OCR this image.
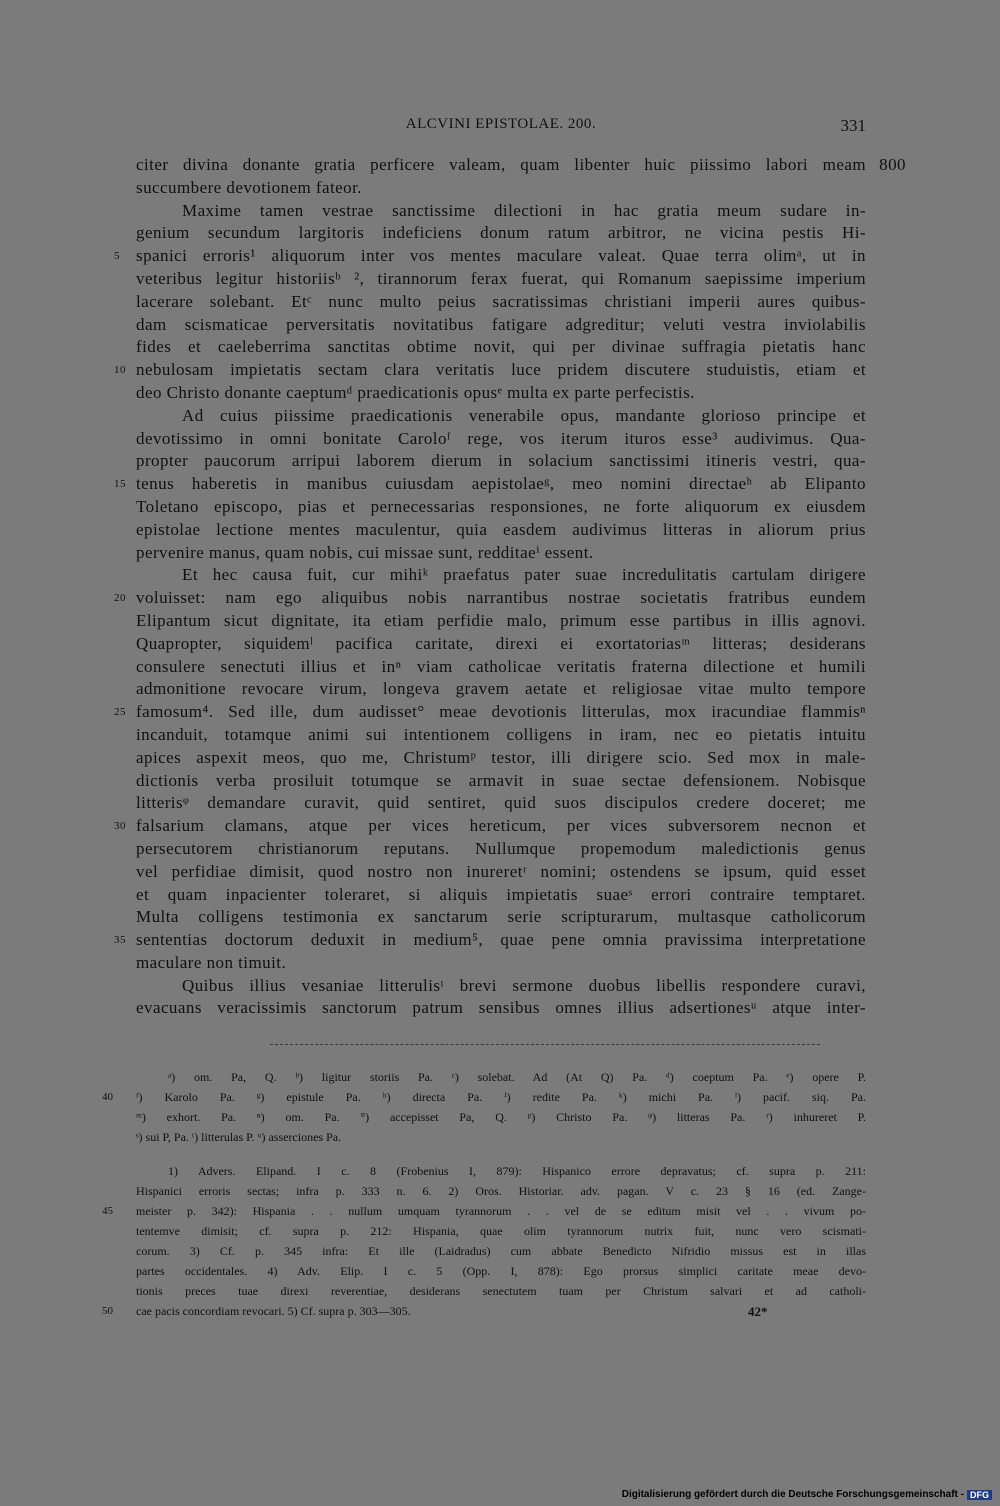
ALCVINI EPISTOLAE. 200.	331
citer divina donante gratia perficere valeam, quam libenter huic piissimo labori meam 800
succumbere devotionem fateor.
Maxime tamen vestrae sanctissime dilectioni in hac gratia meum sudare in-
genium secundum largitoris indeficiens donum ratum arbitror, ne vicina pestis Hi-
spanici erroris¹ aliquorum inter vos mentes maculare valeat. Quae terra olimᵃ, ut in
5
veteribus legitur historiisᵇ ², tirannorum ferax fuerat, qui Romanum saepissime imperium
lacerare solebant. Etᶜ nunc multo peius sacratissimas christiani imperii aures quibus-
dam scismaticae perversitatis novitatibus fatigare adgreditur; veluti vestra inviolabilis
fides et caeleberrima sanctitas obtime novit, qui per divinae suffragia pietatis hanc
nebulosam impietatis sectam clara veritatis luce pridem discutere studuistis, etiam et
10
deo Christo donante caeptumᵈ praedicationis opusᵉ multa ex parte perfecistis.
Ad cuius piissime praedicationis venerabile opus, mandante glorioso principe et
devotissimo in omni bonitate Caroloᶠ rege, vos iterum ituros esse³ audivimus. Qua-
propter paucorum arripui laborem dierum in solacium sanctissimi itineris vestri, qua-
tenus haberetis in manibus cuiusdam aepistolaeᵍ, meo nomini directaeʰ ab Elipanto
15
Toletano episcopo, pias et pernecessarias responsiones, ne forte aliquorum ex eiusdem
epistolae lectione mentes maculentur, quia easdem audivimus litteras in aliorum prius
pervenire manus, quam nobis, cui missae sunt, redditaeⁱ essent.
Et hec causa fuit, cur mihiᵏ praefatus pater suae incredulitatis cartulam dirigere
voluisset: nam ego aliquibus nobis narrantibus nostrae societatis fratribus eundem
20
Elipantum sicut dignitate, ita etiam perfidie malo, primum esse partibus in illis agnovi.
Quapropter, siquidemˡ pacifica caritate, direxi ei exortatoriasᵐ litteras; desiderans
consulere senectuti illius et inⁿ viam catholicae veritatis fraterna dilectione et humili
admonitione revocare virum, longeva gravem aetate et religiosae vitae multo tempore
famosum⁴. Sed ille, dum audisset° meae devotionis litterulas, mox iracundiae flammisⁿ
25
incanduit, totamque animi sui intentionem colligens in iram, nec eo pietatis intuitu
apices aspexit meos, quo me, Christumᵖ testor, illi dirigere scio. Sed mox in male-
dictionis verba prosiluit totumque se armavit in suae sectae defensionem. Nobisque
litterisᵠ demandare curavit, quid sentiret, quid suos discipulos credere doceret; me
falsarium clamans, atque per vices hereticum, per vices subversorem necnon et
30
persecutorem christianorum reputans. Nullumque propemodum maledictionis genus
vel perfidiae dimisit, quod nostro non inureretʳ nomini; ostendens se ipsum, quid esset
et quam inpacienter toleraret, si aliquis impietatis suaeˢ errori contraire temptaret.
Multa colligens testimonia ex sanctarum serie scripturarum, multasque catholicorum
sententias doctorum deduxit in medium⁵, quae pene omnia pravissima interpretatione
35
maculare non timuit.
Quibus illius vesaniae litterulisᵗ brevi sermone duobus libellis respondere curavi,
evacuans veracissimis sanctorum patrum sensibus omnes illius adsertionesᵘ atque inter-
ᵃ) om. Pa, Q. ᵇ) ligitur storiis Pa. ᶜ) solebat. Ad (At Q) Pa. ᵈ) coeptum Pa. ᵉ) opere P.
ᶠ) Karolo Pa. ᵍ) epistule Pa. ʰ) directa Pa. ⁱ) redite Pa. ᵏ) michi Pa. ˡ) pacif. siq. Pa.
40
ᵐ) exhort. Pa. ⁿ) om. Pa. °) accepisset Pa, Q. ᵖ) Christo Pa. ᵠ) litteras Pa. ʳ) inhureret P.
ˢ) sui P, Pa. ᵗ) litterulas P. ᵘ) asserciones Pa.
1) Advers. Elipand. I c. 8 (Frobenius I, 879): Hispanico errore depravatus; cf. supra p. 211:
Hispanici erroris sectas; infra p. 333 n. 6. 2) Oros. Historiar. adv. pagan. V c. 23 § 16 (ed. Zange-
meister p. 342): Hispania . . nullum umquam tyrannorum . . vel de se editum misit vel . . vivum po-
45
tentemve dimisit; cf. supra p. 212: Hispania, quae olim tyrannorum nutrix fuit, nunc vero scismati-
corum. 3) Cf. p. 345 infra: Et ille (Laidradus) cum abbate Benedicto Nifridio missus est in illas
partes occidentales. 4) Adv. Elip. I c. 5 (Opp. I, 878): Ego prorsus simplici caritate meae devo-
tionis preces tuae direxi reverentiae, desiderans senectutem tuam per Christum salvari et ad catholi-
cae pacis concordiam revocari. 5) Cf. supra p. 303—305.
50	42*
Digitalisierung gefördert durch die Deutsche Forschungsgemeinschaft - DFG
